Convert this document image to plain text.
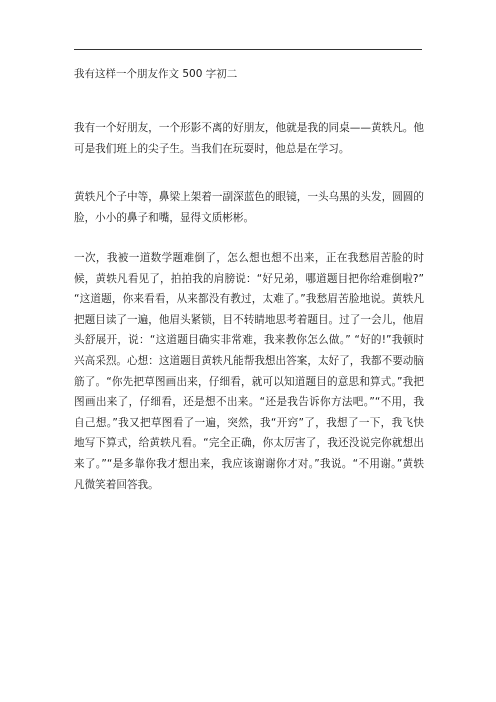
我有这样一个朋友作文 500 字初二

我有一个好朋友，一个形影不离的好朋友，他就是我的同桌——黄轶凡。他可是我们班上的尖子生。当我们在玩耍时，他总是在学习。

黄轶凡个子中等，鼻梁上架着一副深蓝色的眼镜，一头乌黑的头发，圆圆的脸，小小的鼻子和嘴，显得文质彬彬。

一次，我被一道数学题难倒了，怎么想也想不出来，正在我愁眉苦脸的时候，黄轶凡看见了，拍拍我的肩膀说：“好兄弟，哪道题目把你给难倒啦?” “这道题，你来看看，从来都没有教过，太难了。”我愁眉苦脸地说。黄轶凡把题目读了一遍，他眉头紧锁，目不转睛地思考着题目。过了一会儿，他眉头舒展开，说：“这道题目确实非常难，我来教你怎么做。” “好的!”我顿时兴高采烈。心想：这道题目黄轶凡能帮我想出答案，太好了，我都不要动脑筋了。“你先把草图画出来，仔细看，就可以知道题目的意思和算式。”我把图画出来了，仔细看，还是想不出来。“还是我告诉你方法吧。”“不用，我自己想。”我又把草图看了一遍，突然，我“开窍”了，我想了一下，我飞快地写下算式，给黄轶凡看。“完全正确，你太厉害了，我还没说完你就想出来了。”“是多靠你我才想出来，我应该谢谢你才对。”我说。“不用谢。”黄轶凡微笑着回答我。
